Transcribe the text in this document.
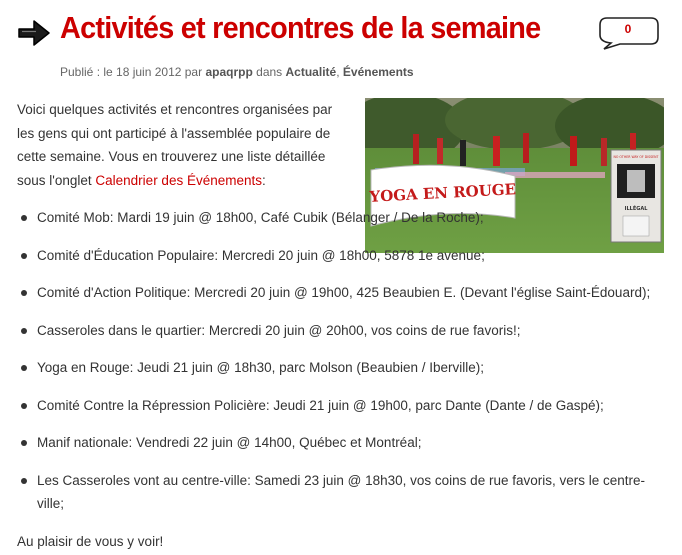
Activités et rencontres de la semaine	0
Publié : le 18 juin 2012 par apaqrpp dans Actualité, Événements
YOGA EN ROUGE
NO OTHER WAY OF DISSENT
ILLÉGAL

Voici quelques activités et rencontres organisées par les gens qui ont participé à l'assemblée populaire de cette semaine. Vous en trouverez une liste détaillée sous l'onglet Calendrier des Événements:

Comité Mob: Mardi 19 juin @ 18h00, Café Cubik (Bélanger / De la Roche);
Comité d'Éducation Populaire: Mercredi 20 juin @ 18h00, 5878 1e avenue;
Comité d'Action Politique: Mercredi 20 juin @ 19h00, 425 Beaubien E. (Devant l'église Saint-Édouard);
Casseroles dans le quartier: Mercredi 20 juin @ 20h00, vos coins de rue favoris!;
Yoga en Rouge: Jeudi 21 juin @ 18h30, parc Molson (Beaubien / Iberville);
Comité Contre la Répression Policière: Jeudi 21 juin @ 19h00, parc Dante (Dante / de Gaspé);
Manif nationale: Vendredi 22 juin @ 14h00, Québec et Montréal;
Les Casseroles vont au centre-ville: Samedi 23 juin @ 18h30, vos coins de rue favoris, vers le centre-ville;

Au plaisir de vous y voir!
